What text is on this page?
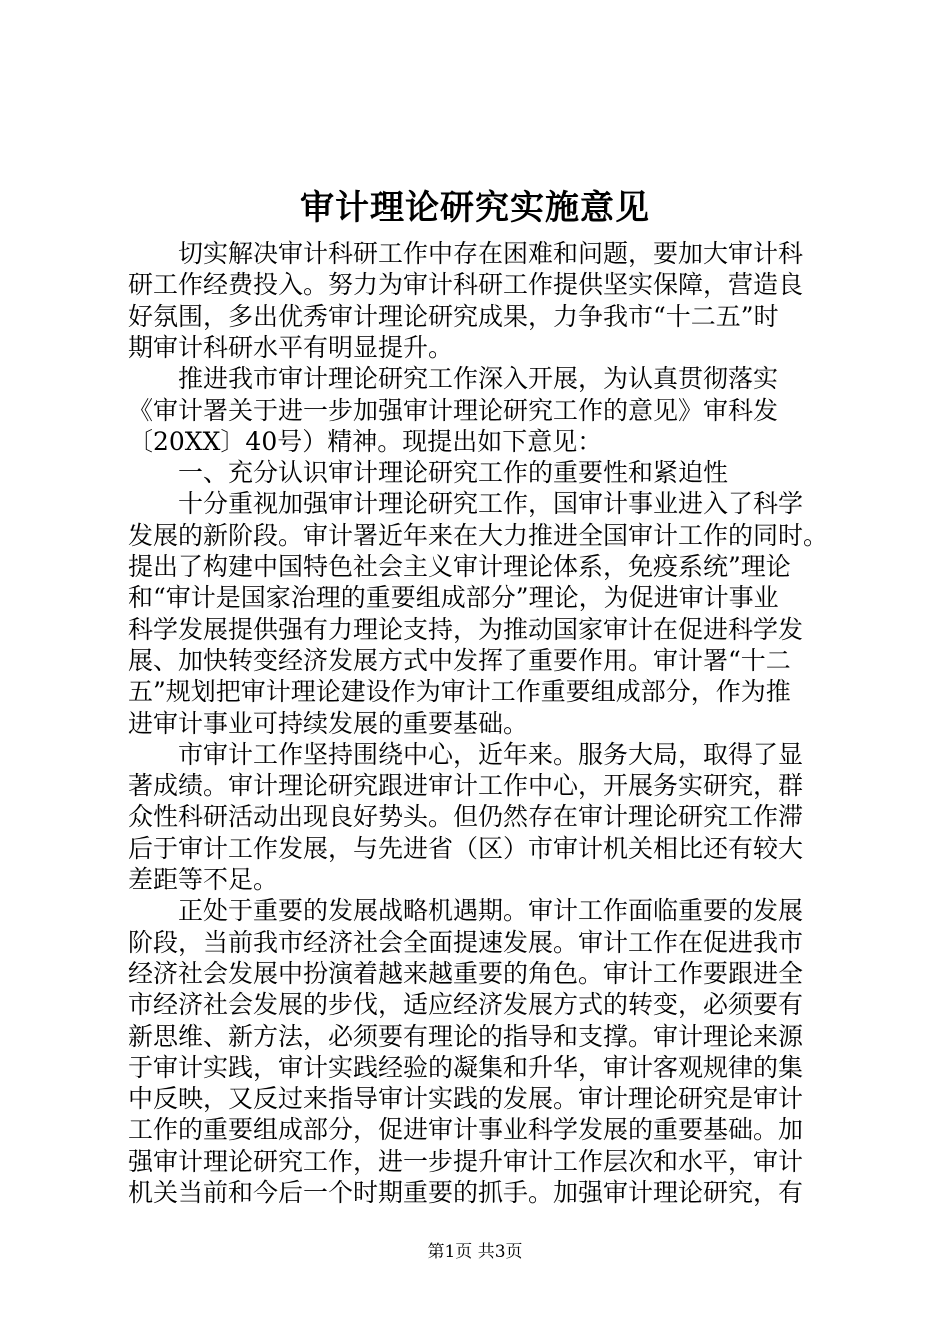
审计理论研究实施意见
　　切实解决审计科研工作中存在困难和问题，要加大审计科
研工作经费投入。努力为审计科研工作提供坚实保障，营造良
好氛围，多出优秀审计理论研究成果，力争我市“十二五”时
期审计科研水平有明显提升。
　　推进我市审计理论研究工作深入开展，为认真贯彻落实
《审计署关于进一步加强审计理论研究工作的意见》审科发
〔20XX〕40号）精神。现提出如下意见：
　　一、充分认识审计理论研究工作的重要性和紧迫性
　　十分重视加强审计理论研究工作，国审计事业进入了科学
发展的新阶段。审计署近年来在大力推进全国审计工作的同时。
提出了构建中国特色社会主义审计理论体系，免疫系统”理论
和“审计是国家治理的重要组成部分”理论，为促进审计事业
科学发展提供强有力理论支持，为推动国家审计在促进科学发
展、加快转变经济发展方式中发挥了重要作用。审计署“十二
五”规划把审计理论建设作为审计工作重要组成部分，作为推
进审计事业可持续发展的重要基础。
　　市审计工作坚持围绕中心，近年来。服务大局，取得了显
著成绩。审计理论研究跟进审计工作中心，开展务实研究，群
众性科研活动出现良好势头。但仍然存在审计理论研究工作滞
后于审计工作发展，与先进省（区）市审计机关相比还有较大
差距等不足。
　　正处于重要的发展战略机遇期。审计工作面临重要的发展
阶段，当前我市经济社会全面提速发展。审计工作在促进我市
经济社会发展中扮演着越来越重要的角色。审计工作要跟进全
市经济社会发展的步伐，适应经济发展方式的转变，必须要有
新思维、新方法，必须要有理论的指导和支撑。审计理论来源
于审计实践，审计实践经验的凝集和升华，审计客观规律的集
中反映，又反过来指导审计实践的发展。审计理论研究是审计
工作的重要组成部分，促进审计事业科学发展的重要基础。加
强审计理论研究工作，进一步提升审计工作层次和水平，审计
机关当前和今后一个时期重要的抓手。加强审计理论研究，有
第1页 共3页
